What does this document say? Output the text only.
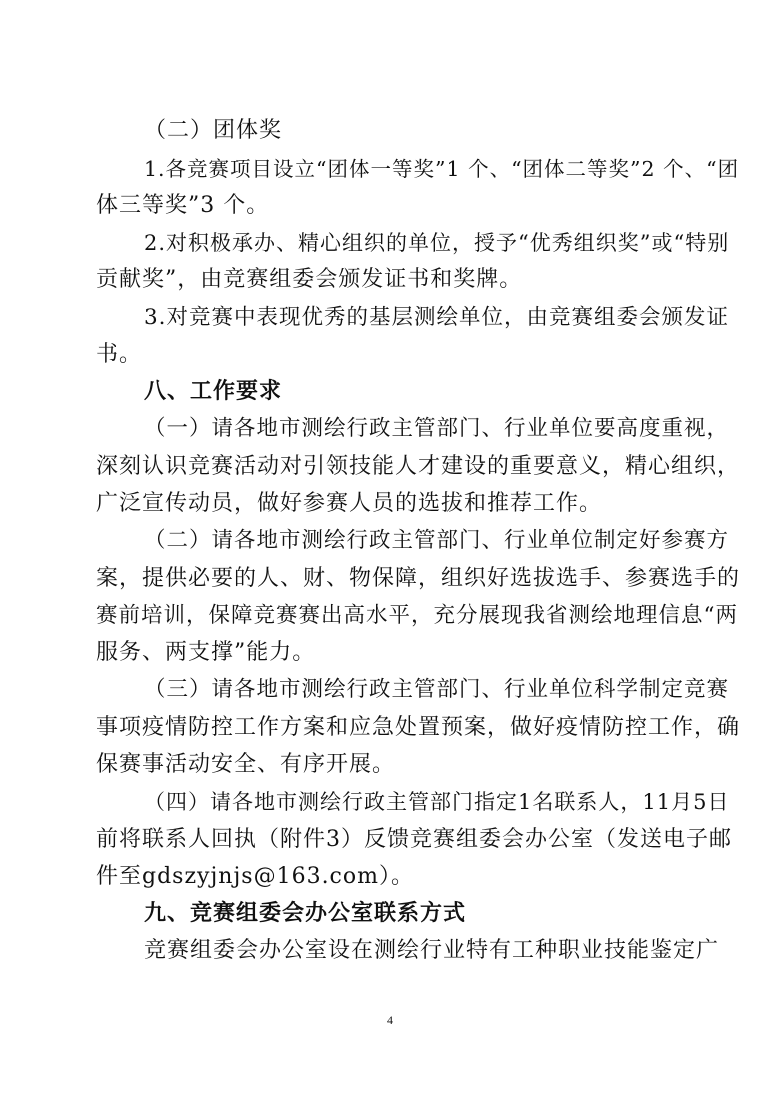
（二）团体奖
1.各竞赛项目设立“团体一等奖”1 个、“团体二等奖”2 个、“团
体三等奖”3 个。
2.对积极承办、精心组织的单位，授予“优秀组织奖”或“特别
贡献奖”，由竞赛组委会颁发证书和奖牌。
3.对竞赛中表现优秀的基层测绘单位，由竞赛组委会颁发证
书。
八、工作要求
（一）请各地市测绘行政主管部门、行业单位要高度重视，
深刻认识竞赛活动对引领技能人才建设的重要意义，精心组织，
广泛宣传动员，做好参赛人员的选拔和推荐工作。
（二）请各地市测绘行政主管部门、行业单位制定好参赛方
案，提供必要的人、财、物保障，组织好选拔选手、参赛选手的
赛前培训，保障竞赛赛出高水平，充分展现我省测绘地理信息“两
服务、两支撑”能力。
（三）请各地市测绘行政主管部门、行业单位科学制定竞赛
事项疫情防控工作方案和应急处置预案，做好疫情防控工作，确
保赛事活动安全、有序开展。
（四）请各地市测绘行政主管部门指定1名联系人，11月5日
前将联系人回执（附件3）反馈竞赛组委会办公室（发送电子邮
件至gdszyjnjs@163.com）。
九、竞赛组委会办公室联系方式
竞赛组委会办公室设在测绘行业特有工种职业技能鉴定广
4
